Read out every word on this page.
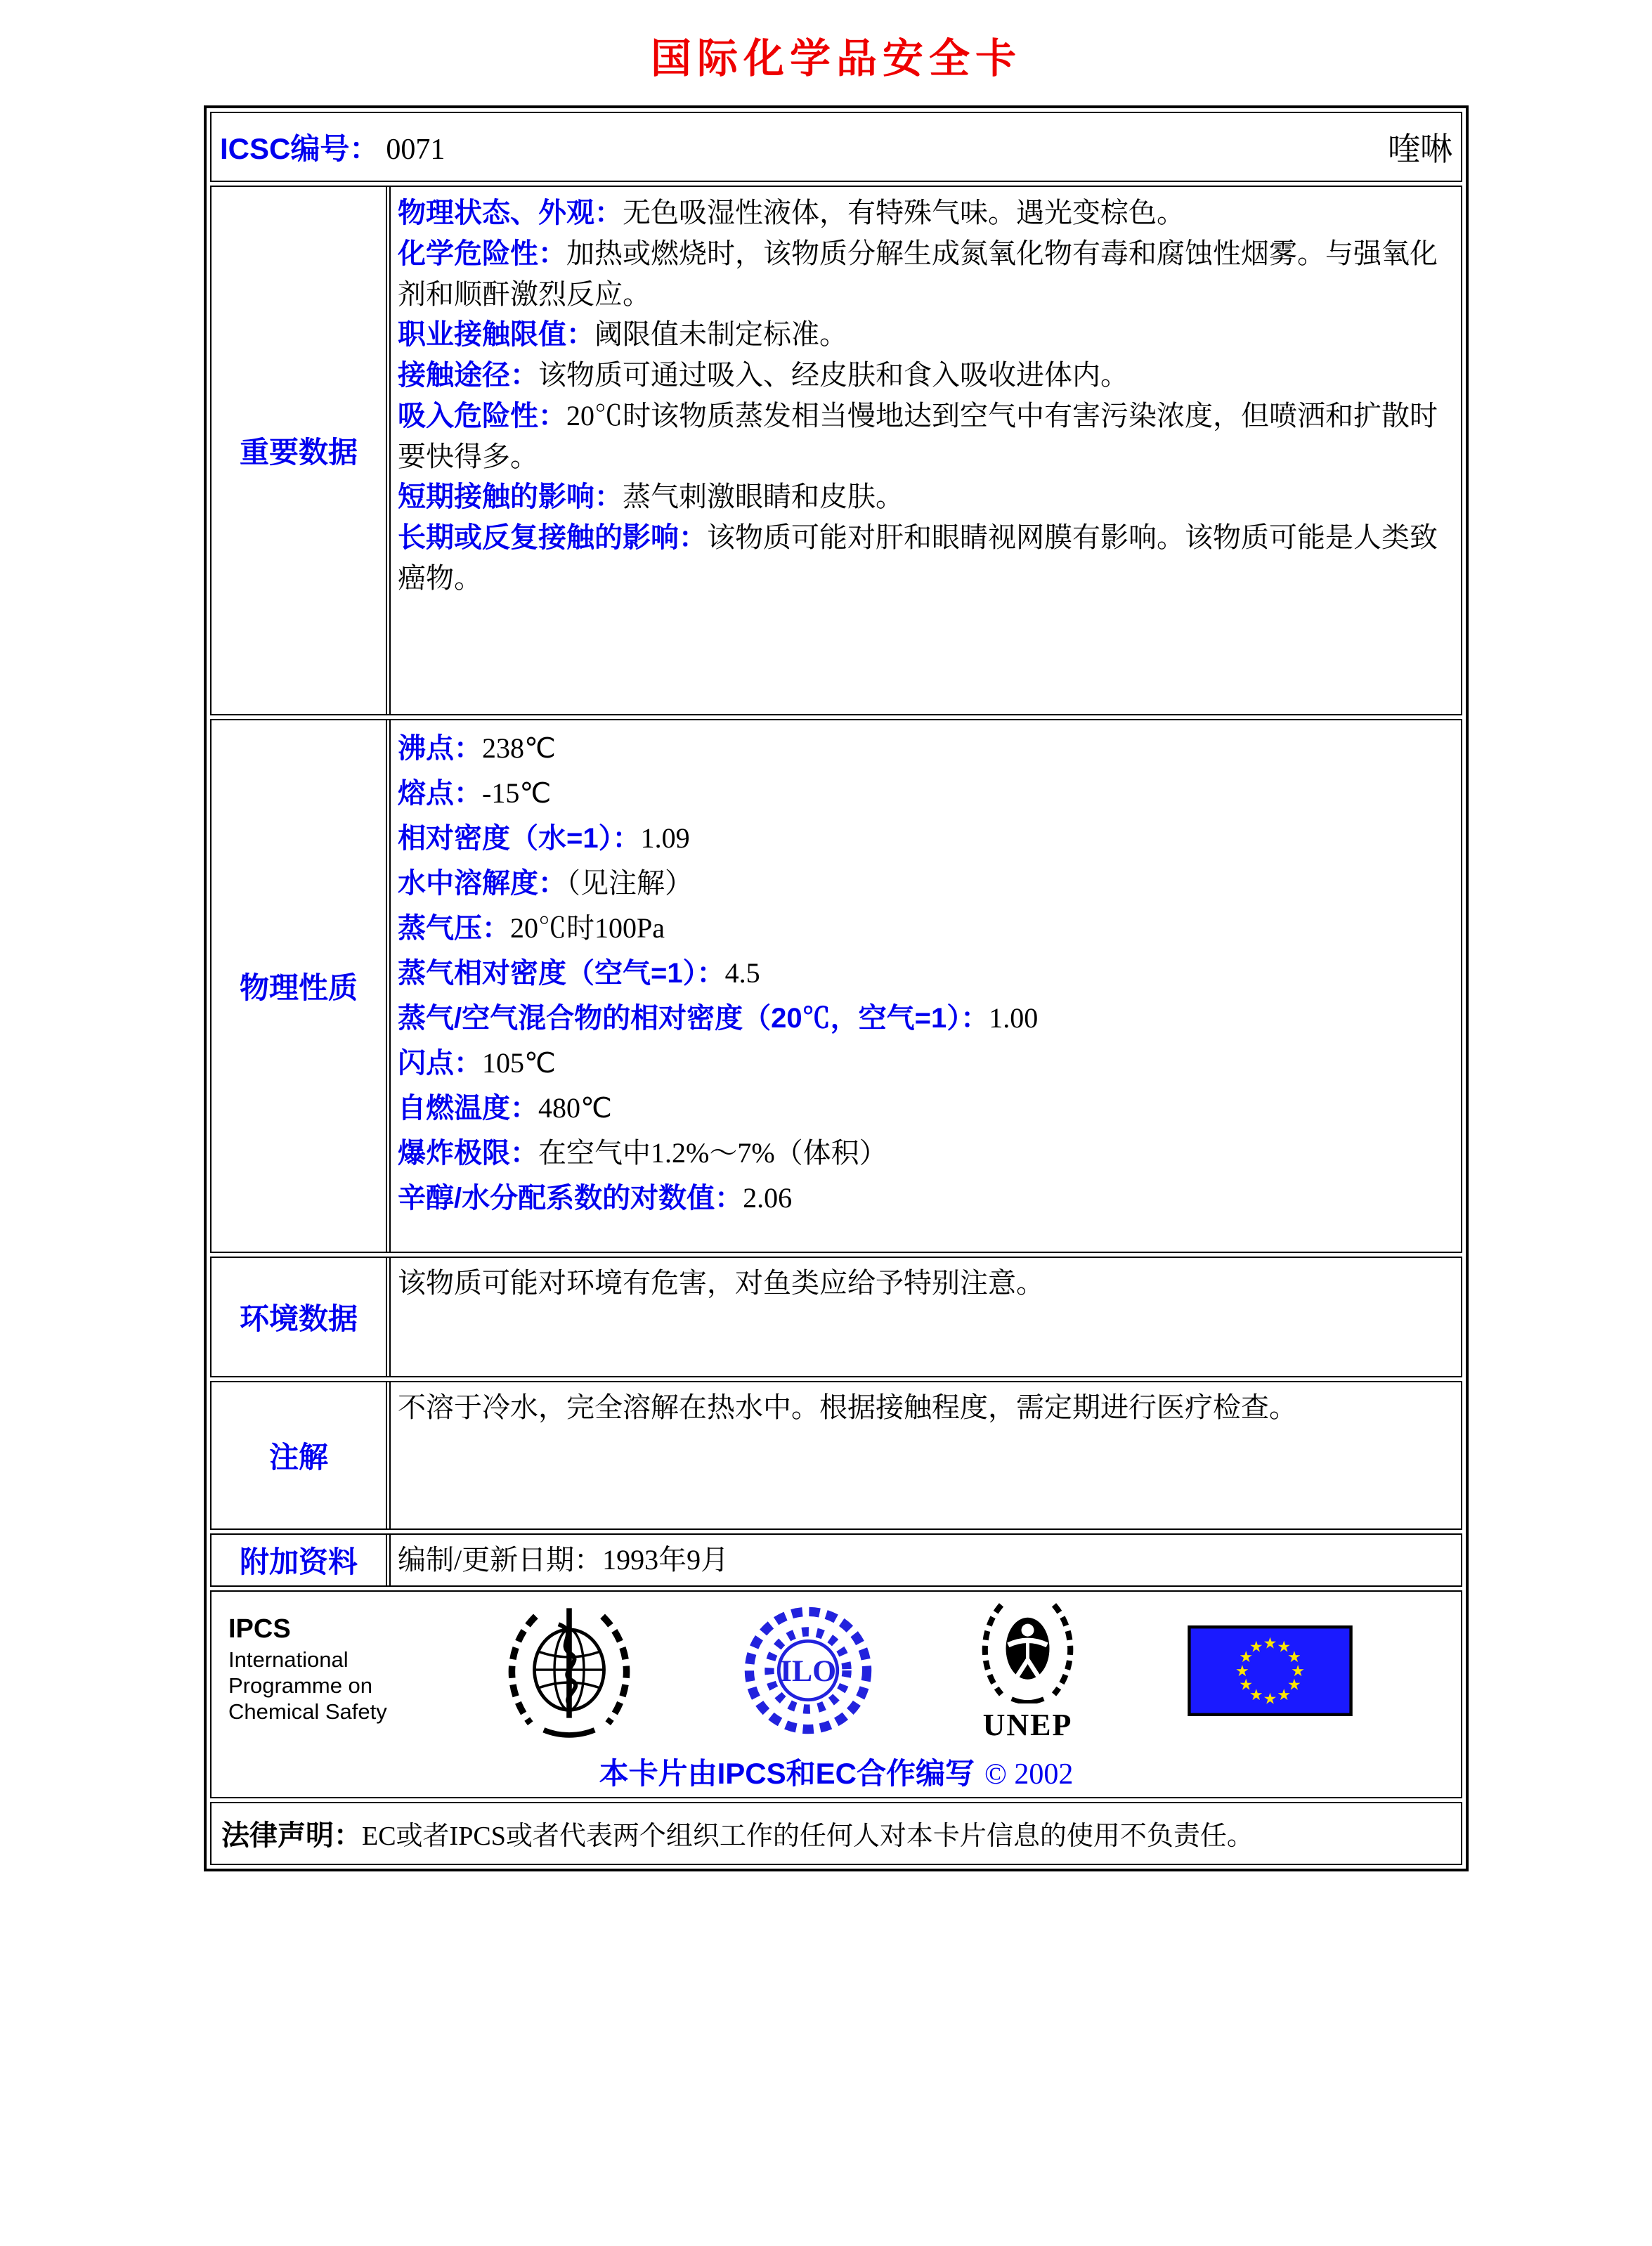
国际化学品安全卡
ICSC编号： 0071	喹啉
重要数据

物理状态、外观：无色吸湿性液体，有特殊气味。遇光变棕色。

化学危险性：加热或燃烧时，该物质分解生成氮氧化物有毒和腐蚀性烟雾。与强氧化剂和顺酐激烈反应。

职业接触限值：阈限值未制定标准。

接触途径：该物质可通过吸入、经皮肤和食入吸收进体内。

吸入危险性：20℃时该物质蒸发相当慢地达到空气中有害污染浓度，但喷洒和扩散时要快得多。

短期接触的影响：蒸气刺激眼睛和皮肤。

长期或反复接触的影响：该物质可能对肝和眼睛视网膜有影响。该物质可能是人类致癌物。

物理性质

沸点：238℃

熔点：-15℃

相对密度（水=1）：1.09

水中溶解度：（见注解）

蒸气压：20℃时100Pa

蒸气相对密度（空气=1）：4.5

蒸气/空气混合物的相对密度（20℃，空气=1）：1.00

闪点：105℃

自燃温度：480℃

爆炸极限：在空气中1.2%～7%（体积）

辛醇/水分配系数的对数值：2.06

环境数据
该物质可能对环境有危害，对鱼类应给予特别注意。
注解
不溶于冷水，完全溶解在热水中。根据接触程度，需定期进行医疗检查。
附加资料	编制/更新日期：1993年9月
IPCS
International
Programme on
Chemical Safety
ILO
UNEP
★ ★
★
★
★
★
★
★
★
★
★
★
本卡片由IPCS和EC合作编写 © 2002
法律声明：EC或者IPCS或者代表两个组织工作的任何人对本卡片信息的使用不负责任。
